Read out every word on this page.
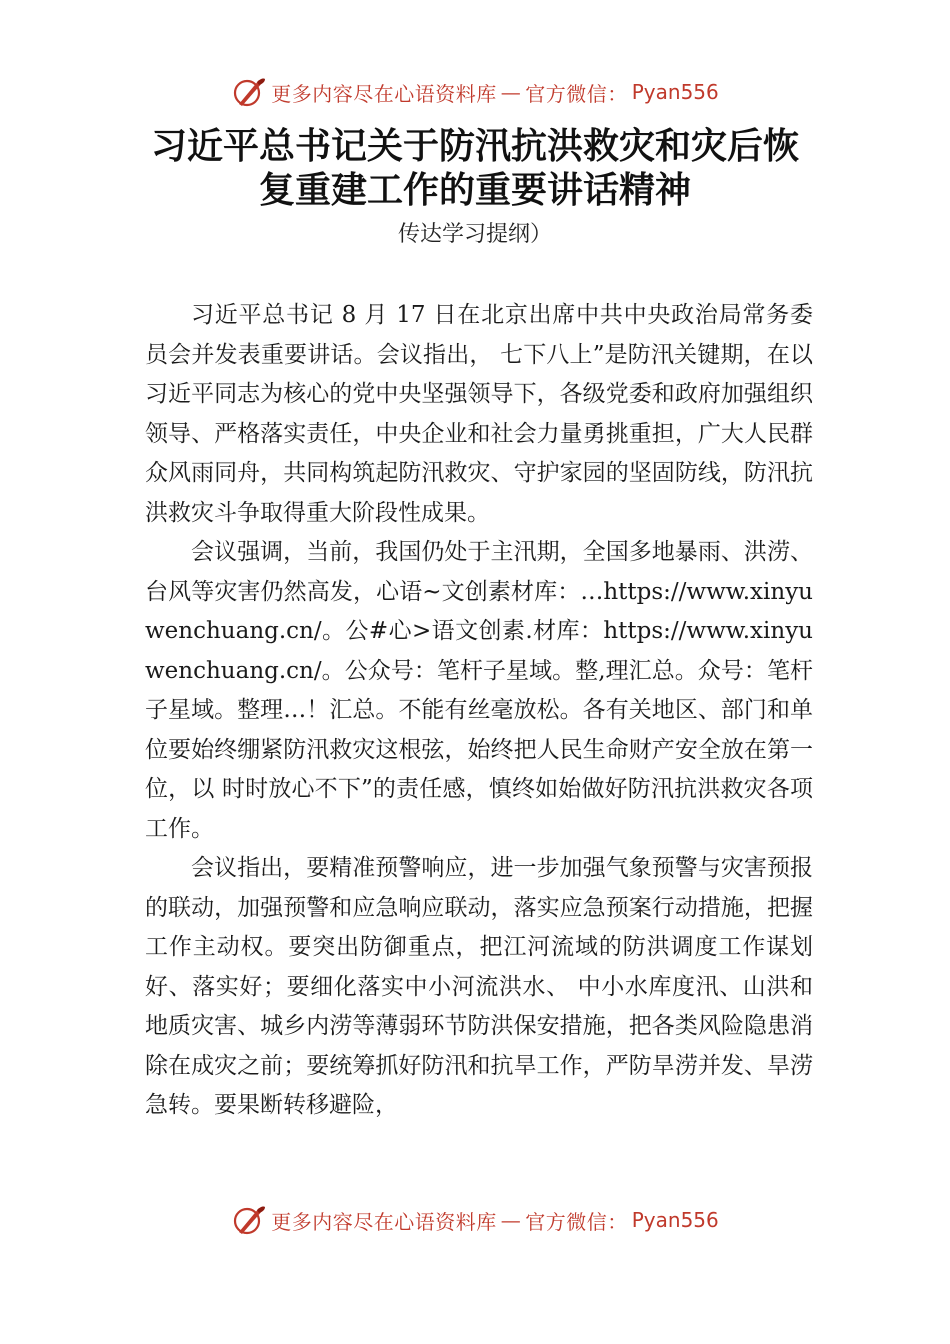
更多内容尽在心语资料库 — 官方微信： Pyan556
习近平总书记关于防汛抗洪救灾和灾后恢
复重建工作的重要讲话精神
传达学习提纲）

习近平总书记 8 月 17 日在北京出席中共中央政治局常务委员会并发表重要讲话。会议指出， 七下八上”是防汛关键期，在以习近平同志为核心的党中央坚强领导下，各级党委和政府加强组织领导、严格落实责任，中央企业和社会力量勇挑重担，广大人民群众风雨同舟，共同构筑起防汛救灾、守护家园的坚固防线，防汛抗洪救灾斗争取得重大阶段性成果。

会议强调，当前，我国仍处于主汛期，全国多地暴雨、洪涝、台风等灾害仍然高发，心语~文创素材库：…https://www.xinyuwenchuang.cn/。公#心>语文创素.材库：https://www.xinyuwenchuang.cn/。公众号：笔杆子星域。整,理汇总。众号：笔杆子星域。整理…！汇总。不能有丝毫放松。各有关地区、部门和单位要始终绷紧防汛救灾这根弦，始终把人民生命财产安全放在第一位，以 时时放心不下”的责任感，慎终如始做好防汛抗洪救灾各项工作。

会议指出，要精准预警响应，进一步加强气象预警与灾害预报的联动，加强预警和应急响应联动，落实应急预案行动措施，把握工作主动权。要突出防御重点，把江河流域的防洪调度工作谋划好、落实好；要细化落实中小河流洪水、 中小水库度汛、山洪和地质灾害、城乡内涝等薄弱环节防洪保安措施，把各类风险隐患消除在成灾之前；要统筹抓好防汛和抗旱工作，严防旱涝并发、旱涝急转。要果断转移避险，

更多内容尽在心语资料库 — 官方微信： Pyan556
